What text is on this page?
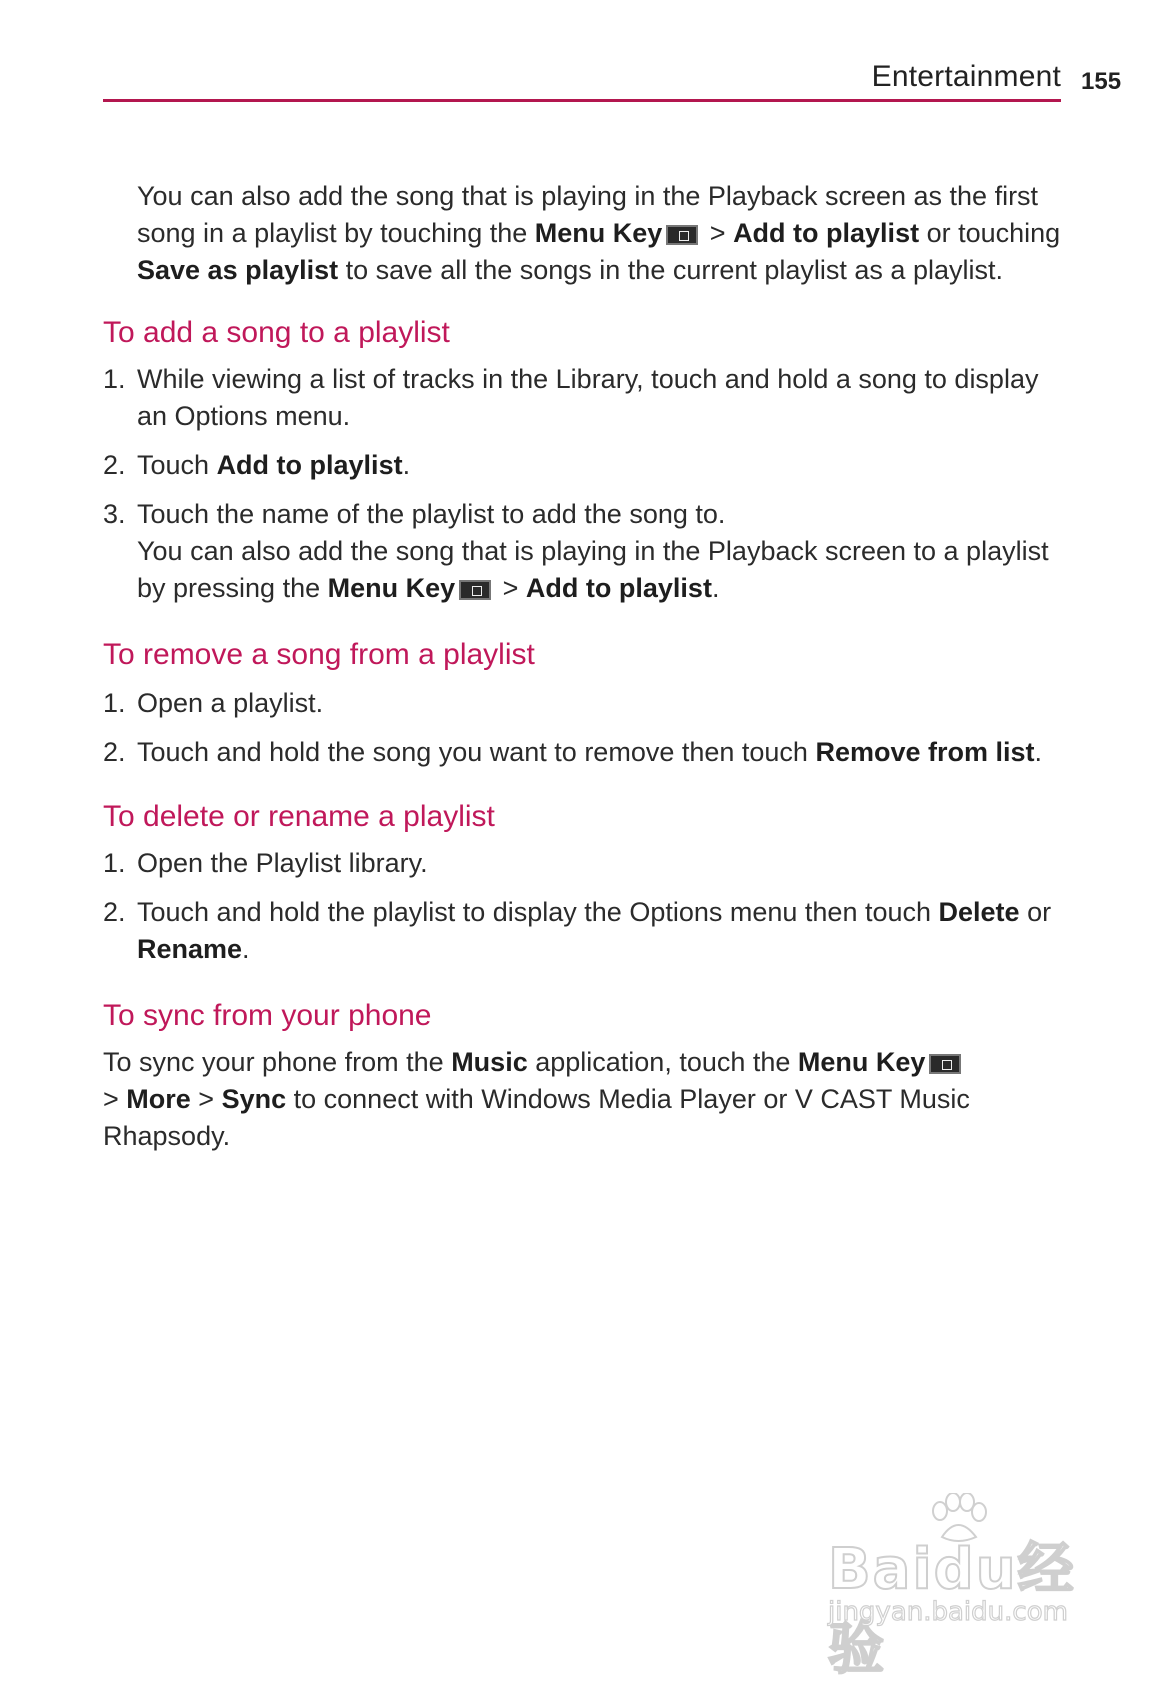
Entertainment 155

You can also add the song that is playing in the Playback screen as the first song in a playlist by touching the Menu Key > Add to playlist or touching Save as playlist to save all the songs in the current playlist as a playlist.

To add a song to a playlist
1. While viewing a list of tracks in the Library, touch and hold a song to display an Options menu.
2. Touch Add to playlist.
3. Touch the name of the playlist to add the song to.
You can also add the song that is playing in the Playback screen to a playlist by pressing the Menu Key > Add to playlist.
To remove a song from a playlist
1. Open a playlist.
2. Touch and hold the song you want to remove then touch Remove from list.
To delete or rename a playlist
1. Open the Playlist library.
2. Touch and hold the playlist to display the Options menu then touch Delete or Rename.
To sync from your phone

To sync your phone from the Music application, touch the Menu Key
> More > Sync to connect with Windows Media Player or V CAST Music Rhapsody.

Baidu经验
jingyan.baidu.com
